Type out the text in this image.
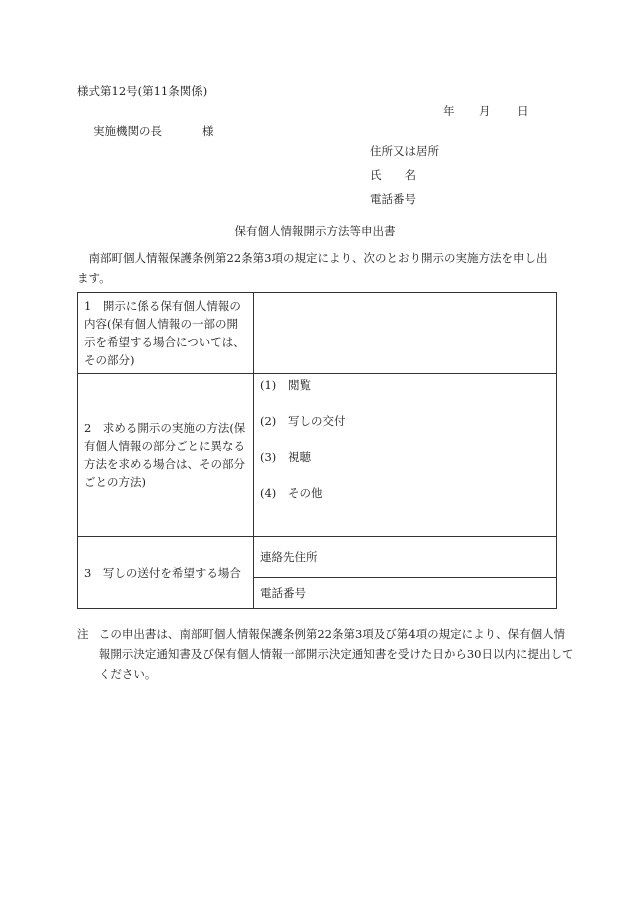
様式第12号(第11条関係)
年 月 日
実施機関の長	様
住所又は居所
氏　　名
電話番号
保有個人情報開示方法等申出書
南部町個人情報保護条例第22条第3項の規定により、次のとおり開示の実施方法を申し出ます。
1　開示に係る保有個人情報の内容(保有個人情報の一部の開示を希望する場合については、その部分)	

2　求める開示の実施の方法(保有個人情報の部分ごとに異なる方法を求める場合は、その部分ごとの方法)	(1) 閲覧
(2) 写しの交付
(3) 視聴
(4) その他

3　写しの送付を希望する場合	連絡先住所
	電話番号
注 この申出書は、南部町個人情報保護条例第22条第3項及び第4項の規定により、保有個人情報開示決定通知書及び保有個人情報一部開示決定通知書を受けた日から30日以内に提出してください。
